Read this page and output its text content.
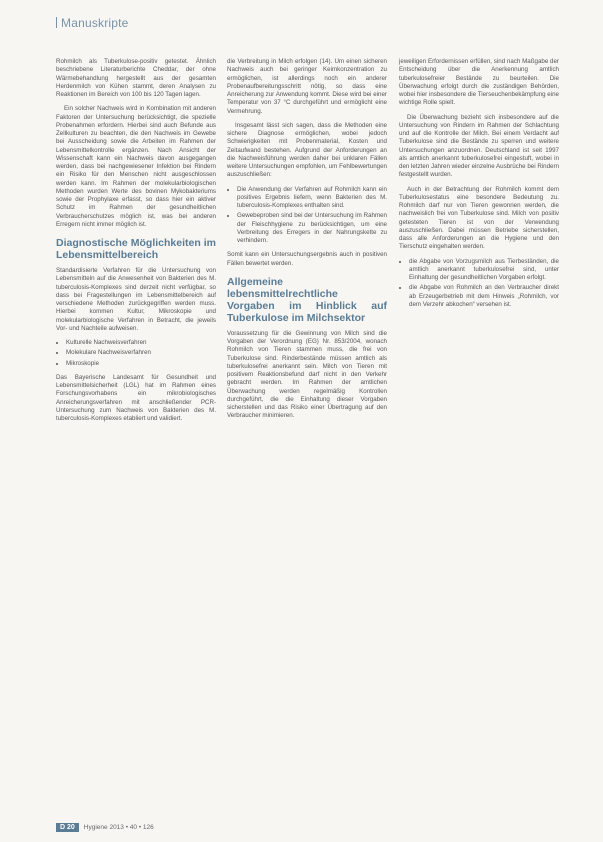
Manuskripte

Rohmilch als Tuberkulose-positiv getestet. Ähnlich beschriebene Literaturberichte Cheddar, der ohne Wärmebehandlung hergestellt aus der gesamten Herdenmilch von Kühen stammt, deren Analysen zu Reaktionen im Bereich von 100 bis 120 Tagen lagen.

Ein solcher Nachweis wird in Kombination mit anderen Faktoren der Untersuchung berücksichtigt, die spezielle Probenahmen erfordern. Hierbei sind auch Befunde aus Zellkulturen zu beachten, die den Nachweis im Gewebe bei Ausscheidung sowie die Arbeiten im Rahmen der Lebensmittelkontrolle ergänzen. Nach Ansicht der Wissenschaft kann ein Nachweis davon ausgegangen werden, dass bei nachgewiesener Infektion bei Rindern ein Risiko für den Menschen nicht ausgeschlossen werden kann. Im Rahmen der molekularbiologischen Methoden wurden Werte des bovinen Mykobakteriums sowie der Prophylaxe erfasst, so dass hier ein aktiver Schutz im Rahmen der gesundheitlichen Verbraucherschutzes möglich ist, was bei anderen Erregern nicht immer möglich ist.

Diagnostische Möglichkeiten im Lebensmittelbereich

Standardisierte Verfahren für die Untersuchung von Lebensmitteln auf die Anwesenheit von Bakterien des M. tuberculosis-Komplexes sind derzeit nicht verfügbar, so dass bei Fragestellungen im Lebensmittelbereich auf verschiedene Methoden zurückgegriffen werden muss. Hierbei kommen Kultur, Mikroskopie und molekularbiologische Verfahren in Betracht, die jeweils Vor- und Nachteile aufweisen.

• Kulturelle Nachweisverfahren
• Molekulare Nachweisverfahren
• Mikroskopie

Das Bayerische Landesamt für Gesundheit und Lebensmittelsicherheit (LGL) hat im Rahmen eines Forschungsvorhabens ein mikrobiologisches Anreicherungsverfahren mit anschließender PCR-Untersuchung zum Nachweis von Bakterien des M. tuberculosis-Komplexes etabliert und validiert.

die Verbreitung in Milch erfolgen (14). Um einen sicheren Nachweis auch bei geringer Keimkonzentration zu ermöglichen, ist allerdings noch ein anderer Probenaufbereitungsschritt nötig, so dass eine Anreicherung zur Anwendung kommt. Diese wird bei einer Temperatur von 37 °C durchgeführt und ermöglicht eine Vermehrung.

Insgesamt lässt sich sagen, dass die Methoden eine sichere Diagnose ermöglichen, wobei jedoch Schwierigkeiten mit Probenmaterial, Kosten und Zeitaufwand bestehen. Aufgrund der Anforderungen an die Nachweisführung werden daher bei unklaren Fällen weitere Untersuchungen empfohlen, um Fehlbewertungen auszuschließen:

• Die Anwendung der Verfahren auf Rohmilch kann ein positives Ergebnis liefern, wenn Bakterien des M. tuberculosis-Komplexes enthalten sind.
• Gewebeproben sind bei der Untersuchung im Rahmen der Fleischhygiene zu berücksichtigen, um eine Verbreitung des Erregers in der Nahrungskette zu verhindern.

Somit kann ein Untersuchungsergebnis auch in positiven Fällen bewertet werden.

Allgemeine lebensmittelrechtliche Vorgaben im Hinblick auf Tuberkulose im Milchsektor

Voraussetzung für die Gewinnung von Milch sind die Vorgaben der Verordnung (EG) Nr. 853/2004, wonach Rohmilch von Tieren stammen muss, die frei von Tuberkulose sind. Rinderbestände müssen amtlich als tuberkulosefrei anerkannt sein. Milch von Tieren mit positivem Reaktionsbefund darf nicht in den Verkehr gebracht werden. Im Rahmen der amtlichen Überwachung werden regelmäßig Kontrollen durchgeführt, die die Einhaltung dieser Vorgaben sicherstellen und das Risiko einer Übertragung auf den Verbraucher minimieren.

jeweiligen Erfordernissen erfüllen, sind nach Maßgabe der Entscheidung über die Anerkennung amtlich tuberkulosefreier Bestände zu beurteilen. Die Überwachung erfolgt durch die zuständigen Behörden, wobei hier insbesondere die Tierseuchenbekämpfung eine wichtige Rolle spielt.

Die Überwachung bezieht sich insbesondere auf die Untersuchung von Rindern im Rahmen der Schlachtung und auf die Kontrolle der Milch. Bei einem Verdacht auf Tuberkulose sind die Bestände zu sperren und weitere Untersuchungen anzuordnen. Deutschland ist seit 1997 als amtlich anerkannt tuberkulosefrei eingestuft, wobei in den letzten Jahren wieder einzelne Ausbrüche bei Rindern festgestellt wurden.

Auch in der Betrachtung der Rohmilch kommt dem Tuberkulosestatus eine besondere Bedeutung zu. Rohmilch darf nur von Tieren gewonnen werden, die nachweislich frei von Tuberkulose sind. Milch von positiv getesteten Tieren ist von der Verwendung auszuschließen. Dabei müssen Betriebe sicherstellen, dass alle Anforderungen an die Hygiene und den Tierschutz eingehalten werden.

• die Abgabe von Vorzugsmilch aus Tierbeständen, die amtlich anerkannt tuberkulosefrei sind, unter Einhaltung der gesundheitlichen Vorgaben erfolgt.
• die Abgabe von Rohmilch an den Verbraucher direkt ab Erzeugerbetrieb mit dem Hinweis „Rohmilch, vor dem Verzehr abkochen“ versehen ist.
D 20	Hygiene 2013 • 40 • 126
